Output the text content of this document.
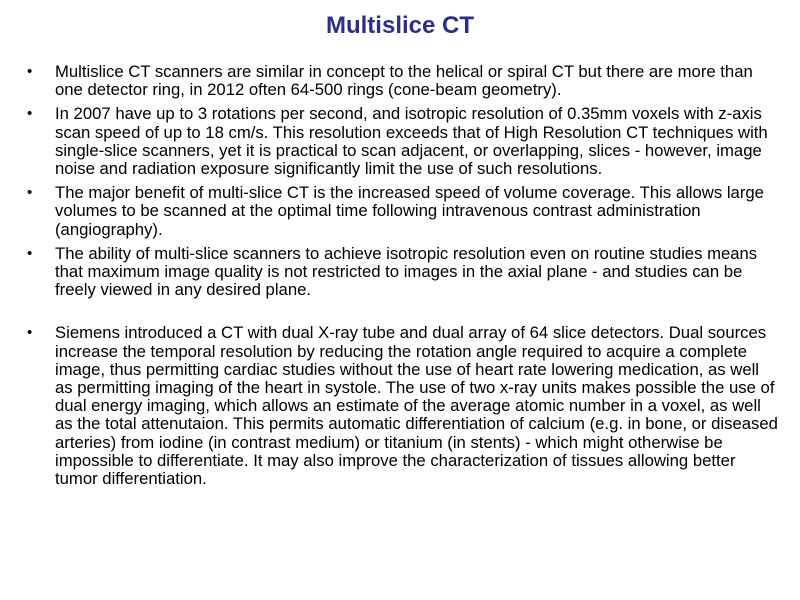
Multislice CT
• Multislice CT scanners are similar in concept to the helical or spiral CT but there are more than one detector ring, in 2012 often 64-500 rings (cone-beam geometry).
• In 2007 have up to 3 rotations per second, and isotropic resolution of 0.35mm voxels with z-axis scan speed of up to 18 cm/s. This resolution exceeds that of High Resolution CT techniques with single-slice scanners, yet it is practical to scan adjacent, or overlapping, slices - however, image noise and radiation exposure significantly limit the use of such resolutions.
• The major benefit of multi-slice CT is the increased speed of volume coverage. This allows large volumes to be scanned at the optimal time following intravenous contrast administration (angiography).
• The ability of multi-slice scanners to achieve isotropic resolution even on routine studies means that maximum image quality is not restricted to images in the axial plane - and studies can be freely viewed in any desired plane.
• Siemens introduced a CT with dual X-ray tube and dual array of 64 slice detectors. Dual sources increase the temporal resolution by reducing the rotation angle required to acquire a complete image, thus permitting cardiac studies without the use of heart rate lowering medication, as well as permitting imaging of the heart in systole. The use of two x-ray units makes possible the use of dual energy imaging, which allows an estimate of the average atomic number in a voxel, as well as the total attenutaion. This permits automatic differentiation of calcium (e.g. in bone, or diseased arteries) from iodine (in contrast medium) or titanium (in stents) - which might otherwise be impossible to differentiate. It may also improve the characterization of tissues allowing better tumor differentiation.
